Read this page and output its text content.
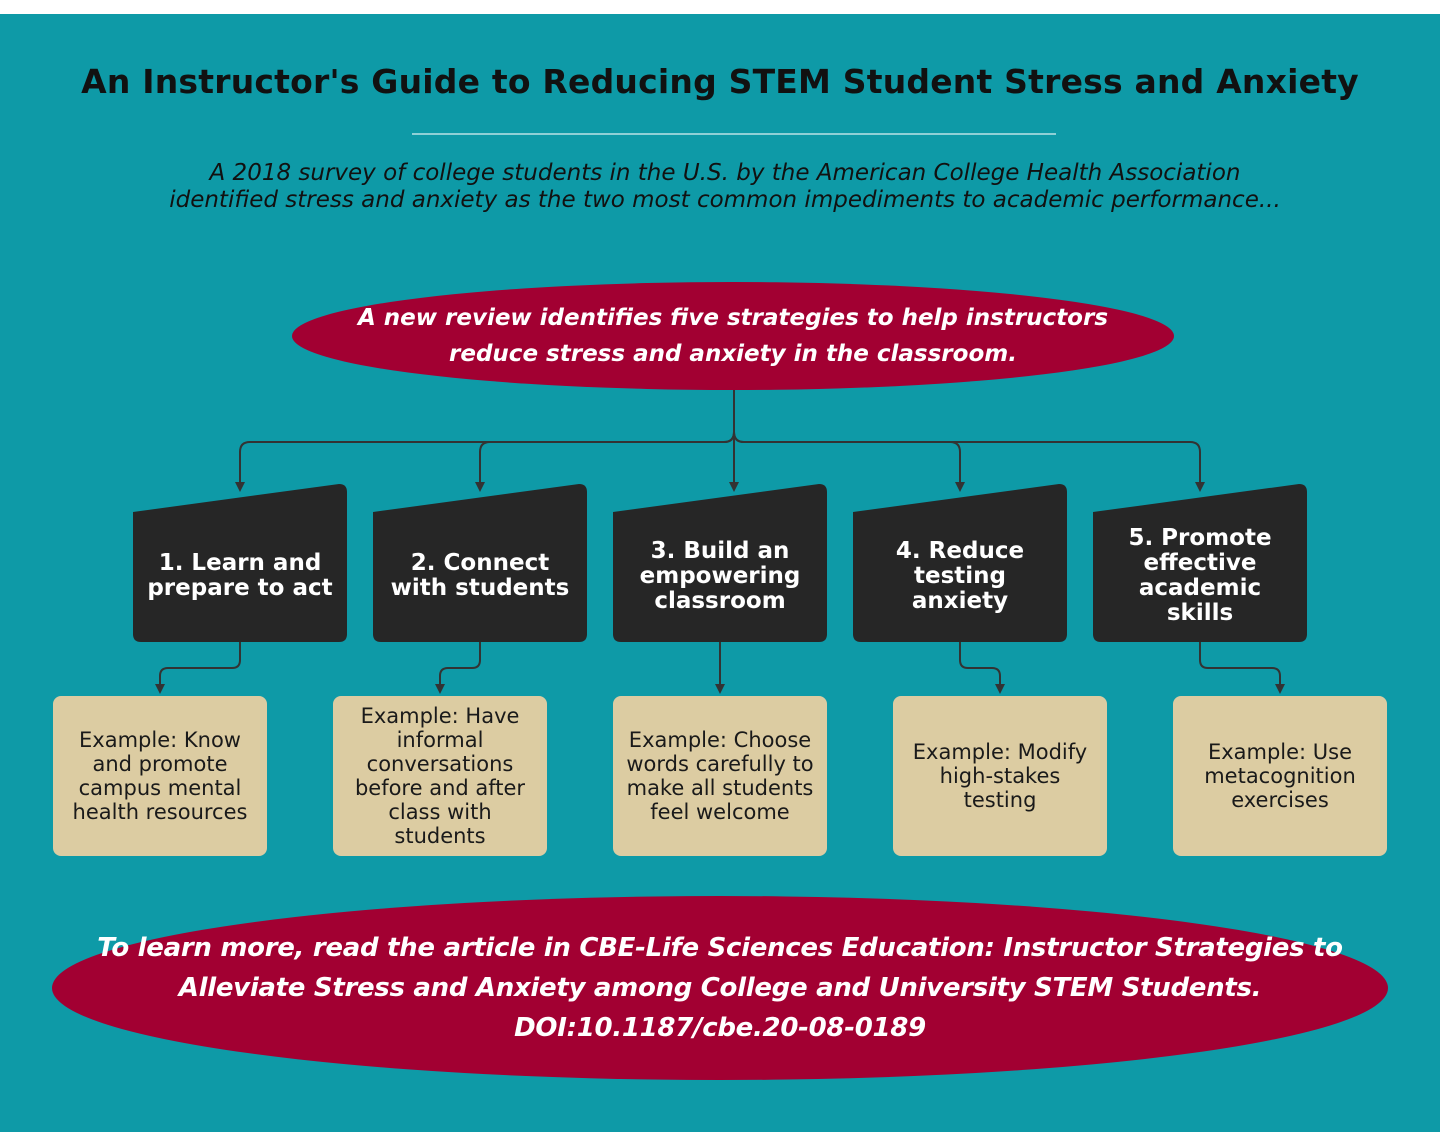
An Instructor's Guide to Reducing STEM Student Stress and Anxiety
A 2018 survey of college students in the U.S. by the American College Health Association
identified stress and anxiety as the two most common impediments to academic performance...
A new review identifies five strategies to help instructors reduce stress and anxiety in the classroom.
1. Learn and prepare to act
2. Connect with students
3. Build an empowering classroom
4. Reduce testing anxiety
5. Promote effective academic skills
Example: Know and promote campus mental health resources
Example: Have informal conversations before and after class with students
Example: Choose words carefully to make all students feel welcome
Example: Modify high-stakes testing
Example: Use metacognition exercises
To learn more, read the article in CBE-Life Sciences Education: Instructor Strategies to Alleviate Stress and Anxiety among College and University STEM Students. DOI:10.1187/cbe.20-08-0189
